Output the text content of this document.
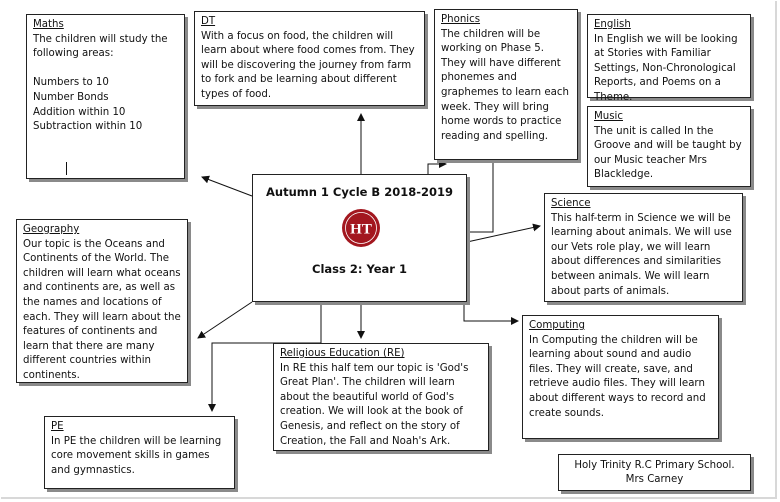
Maths
The children will study the following areas:

Numbers to 10
Number Bonds
Addition within 10
Subtraction within 10
DT
With a focus on food, the children will learn about where food comes from. They will be discovering the journey from farm to fork and be learning about different types of food.
Phonics
The children will be working on Phase 5. They will have different phonemes and graphemes to learn each week. They will bring home words to practice reading and spelling.
English
In English we will be looking at Stories with Familiar Settings, Non-Chronological Reports, and Poems on a Theme.
Music
The unit is called In the Groove and will be taught by our Music teacher Mrs Blackledge.
Science
This half-term in Science we will be learning about animals. We will use our Vets role play, we will learn about differences and similarities between animals. We will learn about parts of animals.
Geography
Our topic is the Oceans and Continents of the World. The children will learn what oceans and continents are, as well as the names and locations of each. They will learn about the features of continents and learn that there are many different countries within continents.
Computing
In Computing the children will be learning about sound and audio files. They will create, save, and retrieve audio files. They will learn about different ways to record and create sounds.
Religious Education (RE)
In RE this half tem our topic is 'God's Great Plan'. The children will learn about the beautiful world of God's creation. We will look at the book of Genesis, and reflect on the story of Creation, the Fall and Noah's Ark.
PE
In PE the children will be learning core movement skills in games and gymnastics.	Holy Trinity R.C Primary School.
Mrs Carney
Autumn 1 Cycle B 2018-2019
HT
Class 2: Year 1
